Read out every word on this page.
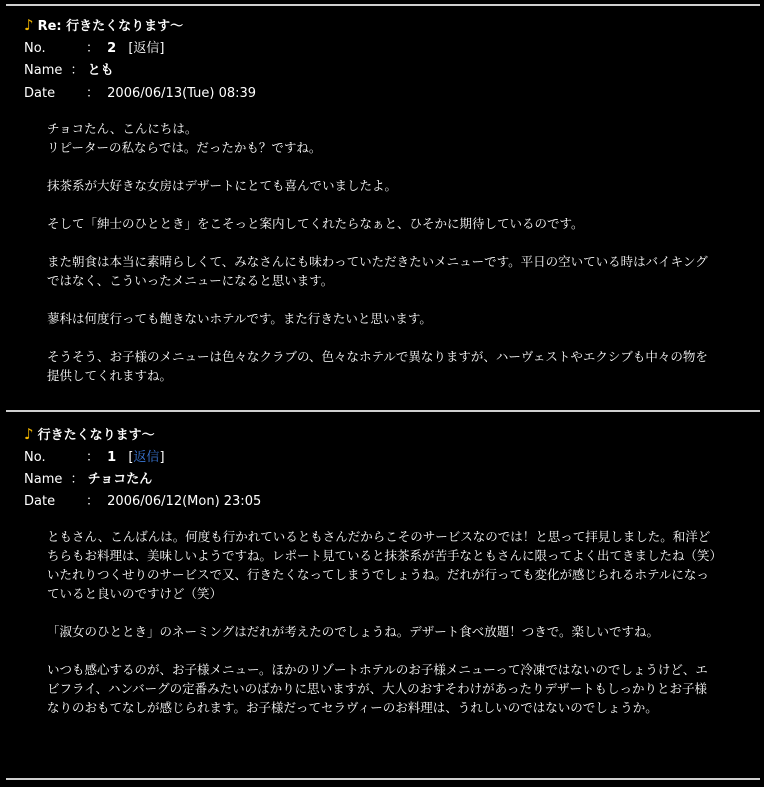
♪ Re: 行きたくなります〜
No.	： 2 [返信]
Name ： とも
Date ： 2006/06/13(Tue) 08:39

チョコたん、こんにちは。

リピーターの私ならでは。だったかも？ですね。

抹茶系が大好きな女房はデザートにとても喜んでいましたよ。

そして「紳士のひととき」をこそっと案内してくれたらなぁと、ひそかに期待しているのです。

また朝食は本当に素晴らしくて、みなさんにも味わっていただきたいメニューです。平日の空いている時はバイキングではなく、こういったメニューになると思います。

蓼科は何度行っても飽きないホテルです。また行きたいと思います。

そうそう、お子様のメニューは色々なクラブの、色々なホテルで異なりますが、ハーヴェストやエクシブも中々の物を提供してくれますね。

♪ 行きたくなります〜
No.	： 1 [返信]
Name ： チョコたん
Date ： 2006/06/12(Mon) 23:05

ともさん、こんばんは。何度も行かれているともさんだからこそのサービスなのでは！と思って拝見しました。和洋どちらもお料理は、美味しいようですね。レポート見ていると抹茶系が苦手なともさんに限ってよく出てきましたね（笑）

いたれりつくせりのサービスで又、行きたくなってしまうでしょうね。だれが行っても変化が感じられるホテルになっていると良いのですけど（笑）

「淑女のひととき」のネーミングはだれが考えたのでしょうね。デザート食べ放題！つきで。楽しいですね。

いつも感心するのが、お子様メニュー。ほかのリゾートホテルのお子様メニューって冷凍ではないのでしょうけど、エビフライ、ハンバーグの定番みたいのばかりに思いますが、大人のおすそわけがあったりデザートもしっかりとお子様なりのおもてなしが感じられます。お子様だってセラヴィーのお料理は、うれしいのではないのでしょうか。
